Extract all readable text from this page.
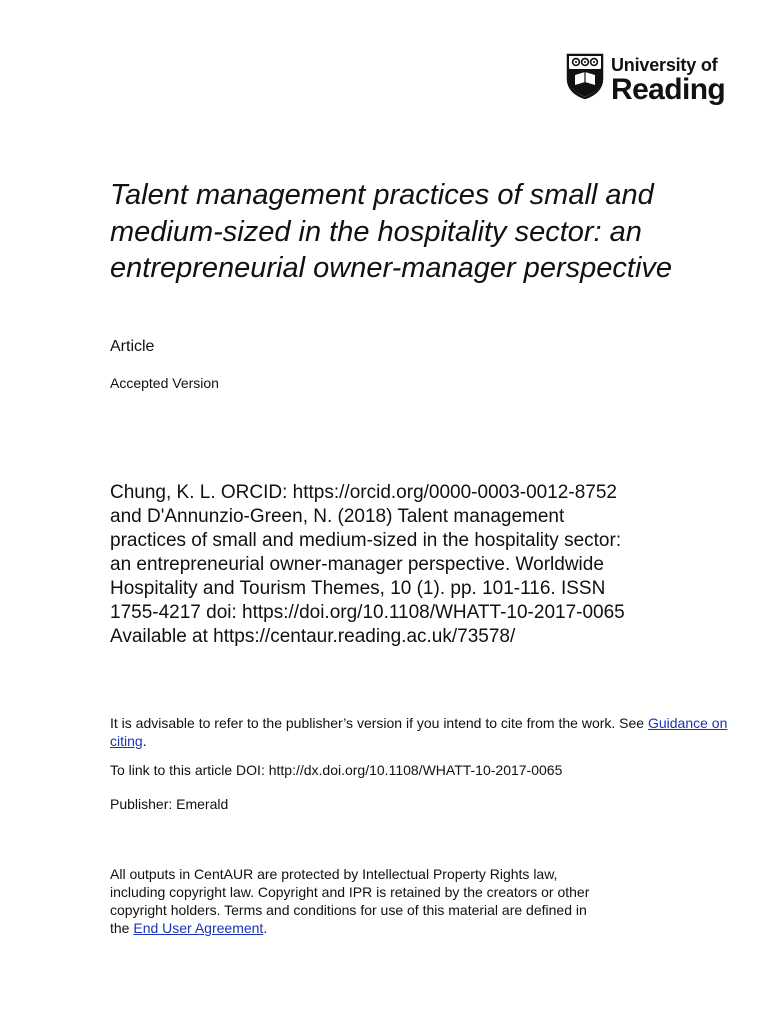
University of
Reading
Talent management practices of small and medium-sized in the hospitality sector: an entrepreneurial owner-manager perspective

Article

Accepted Version

Chung, K. L. ORCID: https://orcid.org/0000-0003-0012-8752
and D'Annunzio-Green, N. (2018) Talent management
practices of small and medium-sized in the hospitality sector:
an entrepreneurial owner-manager perspective. Worldwide
Hospitality and Tourism Themes, 10 (1). pp. 101-116. ISSN
1755-4217 doi: https://doi.org/10.1108/WHATT-10-2017-0065
Available at https://centaur.reading.ac.uk/73578/

It is advisable to refer to the publisher’s version if you intend to cite from the work. See Guidance on citing.

To link to this article DOI: http://dx.doi.org/10.1108/WHATT-10-2017-0065

Publisher: Emerald

All outputs in CentAUR are protected by Intellectual Property Rights law,
including copyright law. Copyright and IPR is retained by the creators or other
copyright holders. Terms and conditions for use of this material are defined in
the End User Agreement.
